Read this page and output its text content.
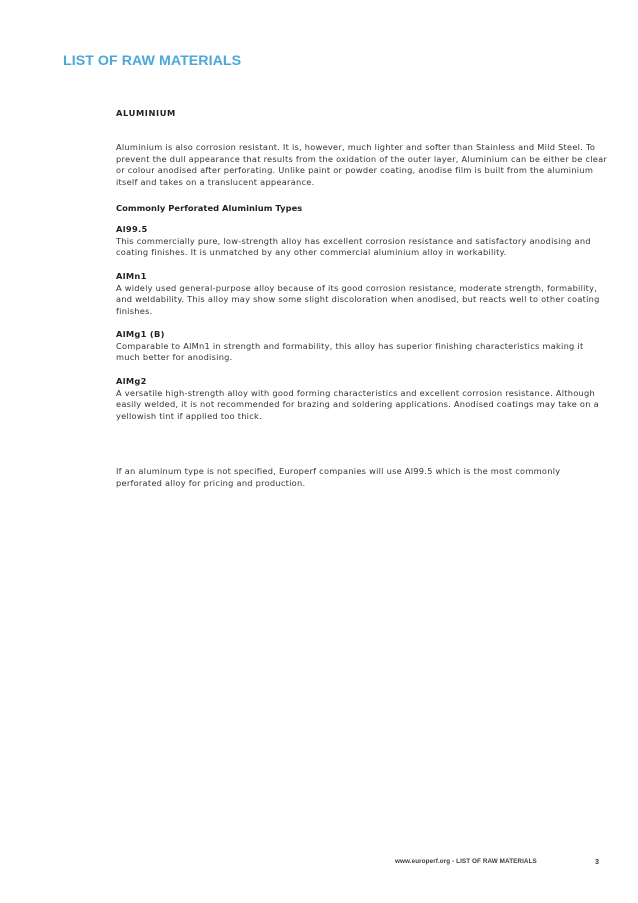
LIST OF RAW MATERIALS
ALUMINIUM

Aluminium is also corrosion resistant. It is, however, much lighter and softer than Stainless and Mild Steel. To prevent the dull appearance that results from the oxidation of the outer layer, Aluminium can be either be clear or colour anodised after perforating. Unlike paint or powder coating, anodise film is built from the aluminium itself and takes on a translucent appearance.

Commonly Perforated Aluminium Types
Al99.5
This commercially pure, low-strength alloy has excellent corrosion resistance and satisfactory anodising and coating finishes. It is unmatched by any other commercial aluminium alloy in workability.
AlMn1
A widely used general-purpose alloy because of its good corrosion resistance, moderate strength, formability, and weldability. This alloy may show some slight discoloration when anodised, but reacts well to other coating finishes.
AlMg1 (B)
Comparable to AlMn1 in strength and formability, this alloy has superior finishing characteristics making it much better for anodising.
AlMg2
A versatile high-strength alloy with good forming characteristics and excellent corrosion resistance. Although easily welded, it is not recommended for brazing and soldering applications. Anodised coatings may take on a yellowish tint if applied too thick.

If an aluminum type is not specified, Europerf companies will use Al99.5 which is the most commonly perforated alloy for pricing and production.

www.europerf.org - LIST OF RAW MATERIALS	3
